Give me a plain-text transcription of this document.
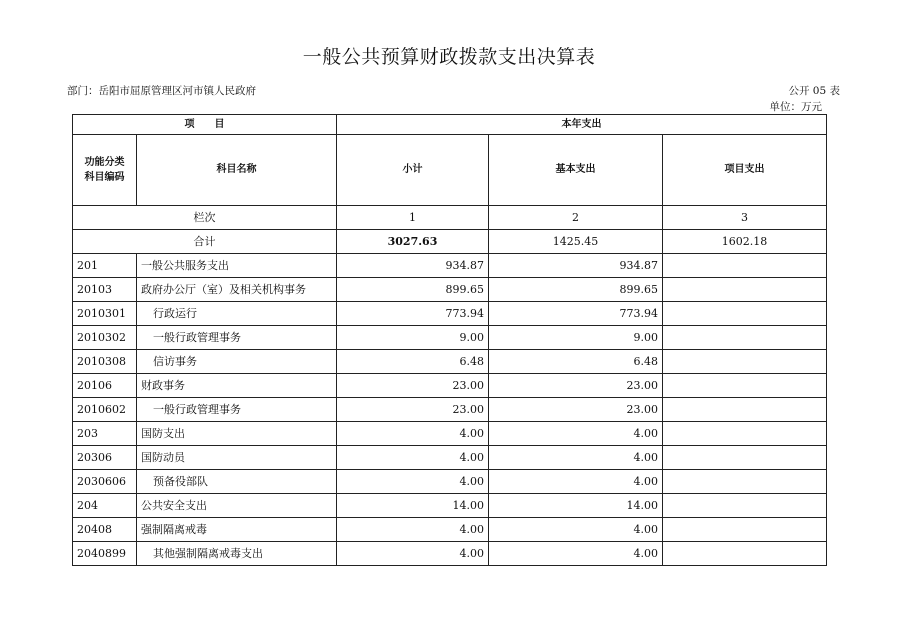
一般公共预算财政拨款支出决算表
部门：岳阳市屈原管理区河市镇人民政府	公开 05 表
单位：万元
项　　目		本年支出		
功能分类
科目编码	科目名称	小计	基本支出	项目支出
栏次		1	2	3
合计		3027.63	1425.45	1602.18
201	一般公共服务支出	934.87	934.87	
20103	政府办公厅（室）及相关机构事务	899.65	899.65	
2010301	行政运行	773.94	773.94	
2010302	一般行政管理事务	9.00	9.00	
2010308	信访事务	6.48	6.48	
20106	财政事务	23.00	23.00	
2010602	一般行政管理事务	23.00	23.00	
203	国防支出	4.00	4.00	
20306	国防动员	4.00	4.00	
2030606	预备役部队	4.00	4.00	
204	公共安全支出	14.00	14.00	
20408	强制隔离戒毒	4.00	4.00	
2040899	其他强制隔离戒毒支出	4.00	4.00	
